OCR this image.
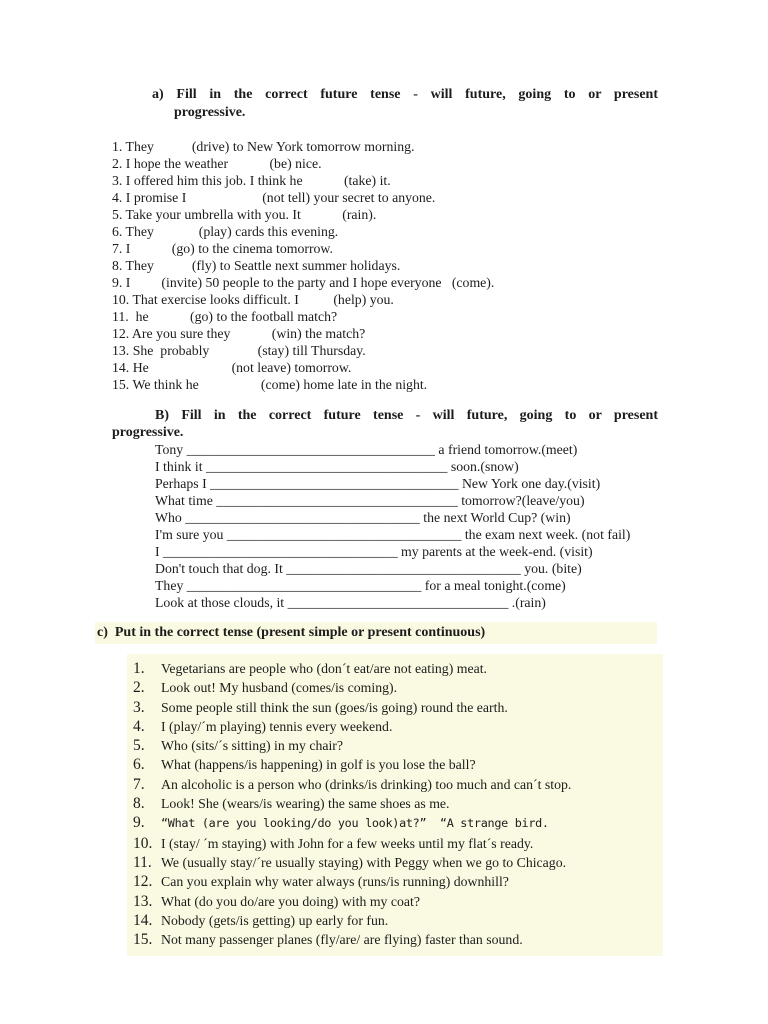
a) Fill in the correct future tense - will future, going to or present
progressive.
1. They           (drive) to New York tomorrow morning.
2. I hope the weather            (be) nice.
3. I offered him this job. I think he            (take) it.
4. I promise I                      (not tell) your secret to anyone.
5. Take your umbrella with you. It            (rain).
6. They             (play) cards this evening.
7. I            (go) to the cinema tomorrow.
8. They           (fly) to Seattle next summer holidays.
9. I         (invite) 50 people to the party and I hope everyone   (come).
10. That exercise looks difficult. I          (help) you.
11.  he            (go) to the football match?
12. Are you sure they            (win) the match?
13. She  probably              (stay) till Thursday.
14. He                        (not leave) tomorrow.
15. We think he                  (come) home late in the night.
B) Fill in the correct future tense - will future, going to or present
progressive.
Tony ____________________________________ a friend tomorrow.(meet)
I think it ___________________________________ soon.(snow)
Perhaps I ____________________________________ New York one day.(visit)
What time ___________________________________ tomorrow?(leave/you)
Who __________________________________ the next World Cup? (win)
I'm sure you __________________________________ the exam next week. (not fail)
I __________________________________ my parents at the week-end. (visit)
Don't touch that dog. It __________________________________ you. (bite)
They __________________________________ for a meal tonight.(come)
Look at those clouds, it ________________________________ .(rain)
c)  Put in the correct tense (present simple or present continuous)
1.	Vegetarians are people who (don´t eat/are not eating) meat.
2.	Look out! My husband (comes/is coming).
3.	Some people still think the sun (goes/is going) round the earth.
4.	I (play/´m playing) tennis every weekend.
5.	Who (sits/´s sitting) in my chair?
6.	What (happens/is happening) in golf is you lose the ball?
7.	An alcoholic is a person who (drinks/is drinking) too much and can´t stop.
8.	Look! She (wears/is wearing) the same shoes as me.
9.	“What (are you looking/do you look)at?”  “A strange bird.
10. I (stay/ ´m staying) with John for a few weeks until my flat´s ready.
11. We (usually stay/´re usually staying) with Peggy when we go to Chicago.
12. Can you explain why water always (runs/is running) downhill?
13. What (do you do/are you doing) with my coat?
14. Nobody (gets/is getting) up early for fun.
15. Not many passenger planes (fly/are/ are flying) faster than sound.
